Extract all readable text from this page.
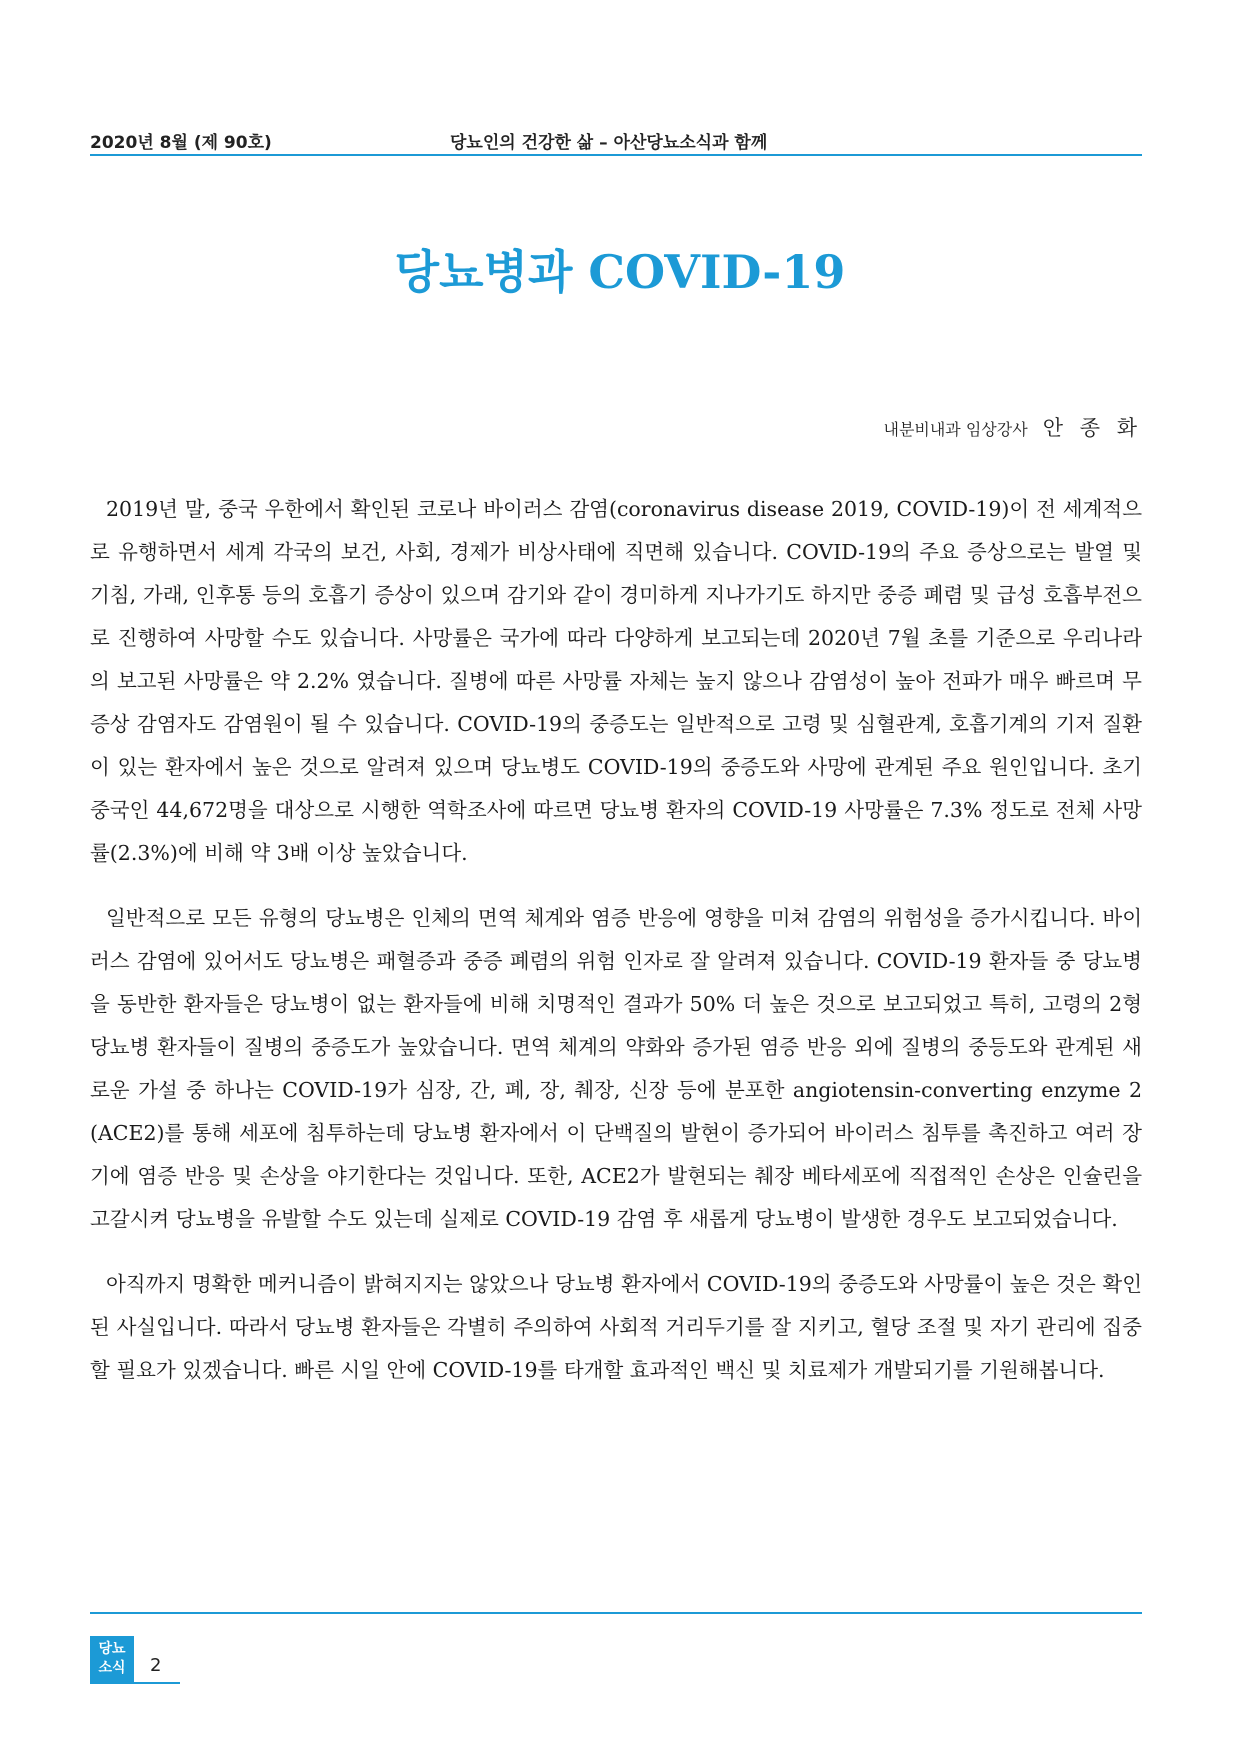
2020년 8월 (제 90호)	당뇨인의 건강한 삶 – 아산당뇨소식과 함께
당뇨병과 COVID-19
내분비내과 임상강사 안 종 화

2019년 말, 중국 우한에서 확인된 코로나 바이러스 감염(coronavirus disease 2019, COVID-19)이 전 세계적으로 유행하면서 세계 각국의 보건, 사회, 경제가 비상사태에 직면해 있습니다. COVID-19의 주요 증상으로는 발열 및 기침, 가래, 인후통 등의 호흡기 증상이 있으며 감기와 같이 경미하게 지나가기도 하지만 중증 폐렴 및 급성 호흡부전으로 진행하여 사망할 수도 있습니다. 사망률은 국가에 따라 다양하게 보고되는데 2020년 7월 초를 기준으로 우리나라의 보고된 사망률은 약 2.2% 였습니다. 질병에 따른 사망률 자체는 높지 않으나 감염성이 높아 전파가 매우 빠르며 무증상 감염자도 감염원이 될 수 있습니다. COVID-19의 중증도는 일반적으로 고령 및 심혈관계, 호흡기계의 기저 질환이 있는 환자에서 높은 것으로 알려져 있으며 당뇨병도 COVID-19의 중증도와 사망에 관계된 주요 원인입니다. 초기 중국인 44,672명을 대상으로 시행한 역학조사에 따르면 당뇨병 환자의 COVID-19 사망률은 7.3% 정도로 전체 사망률(2.3%)에 비해 약 3배 이상 높았습니다.

일반적으로 모든 유형의 당뇨병은 인체의 면역 체계와 염증 반응에 영향을 미쳐 감염의 위험성을 증가시킵니다. 바이러스 감염에 있어서도 당뇨병은 패혈증과 중증 폐렴의 위험 인자로 잘 알려져 있습니다. COVID-19 환자들 중 당뇨병을 동반한 환자들은 당뇨병이 없는 환자들에 비해 치명적인 결과가 50% 더 높은 것으로 보고되었고 특히, 고령의 2형 당뇨병 환자들이 질병의 중증도가 높았습니다. 면역 체계의 약화와 증가된 염증 반응 외에 질병의 중등도와 관계된 새로운 가설 중 하나는 COVID-19가 심장, 간, 폐, 장, 췌장, 신장 등에 분포한 angiotensin-converting enzyme 2 (ACE2)를 통해 세포에 침투하는데 당뇨병 환자에서 이 단백질의 발현이 증가되어 바이러스 침투를 촉진하고 여러 장기에 염증 반응 및 손상을 야기한다는 것입니다. 또한, ACE2가 발현되는 췌장 베타세포에 직접적인 손상은 인슐린을 고갈시켜 당뇨병을 유발할 수도 있는데 실제로 COVID-19 감염 후 새롭게 당뇨병이 발생한 경우도 보고되었습니다.

아직까지 명확한 메커니즘이 밝혀지지는 않았으나 당뇨병 환자에서 COVID-19의 중증도와 사망률이 높은 것은 확인된 사실입니다. 따라서 당뇨병 환자들은 각별히 주의하여 사회적 거리두기를 잘 지키고, 혈당 조절 및 자기 관리에 집중할 필요가 있겠습니다. 빠른 시일 안에 COVID-19를 타개할 효과적인 백신 및 치료제가 개발되기를 기원해봅니다.

당뇨
소식	2
